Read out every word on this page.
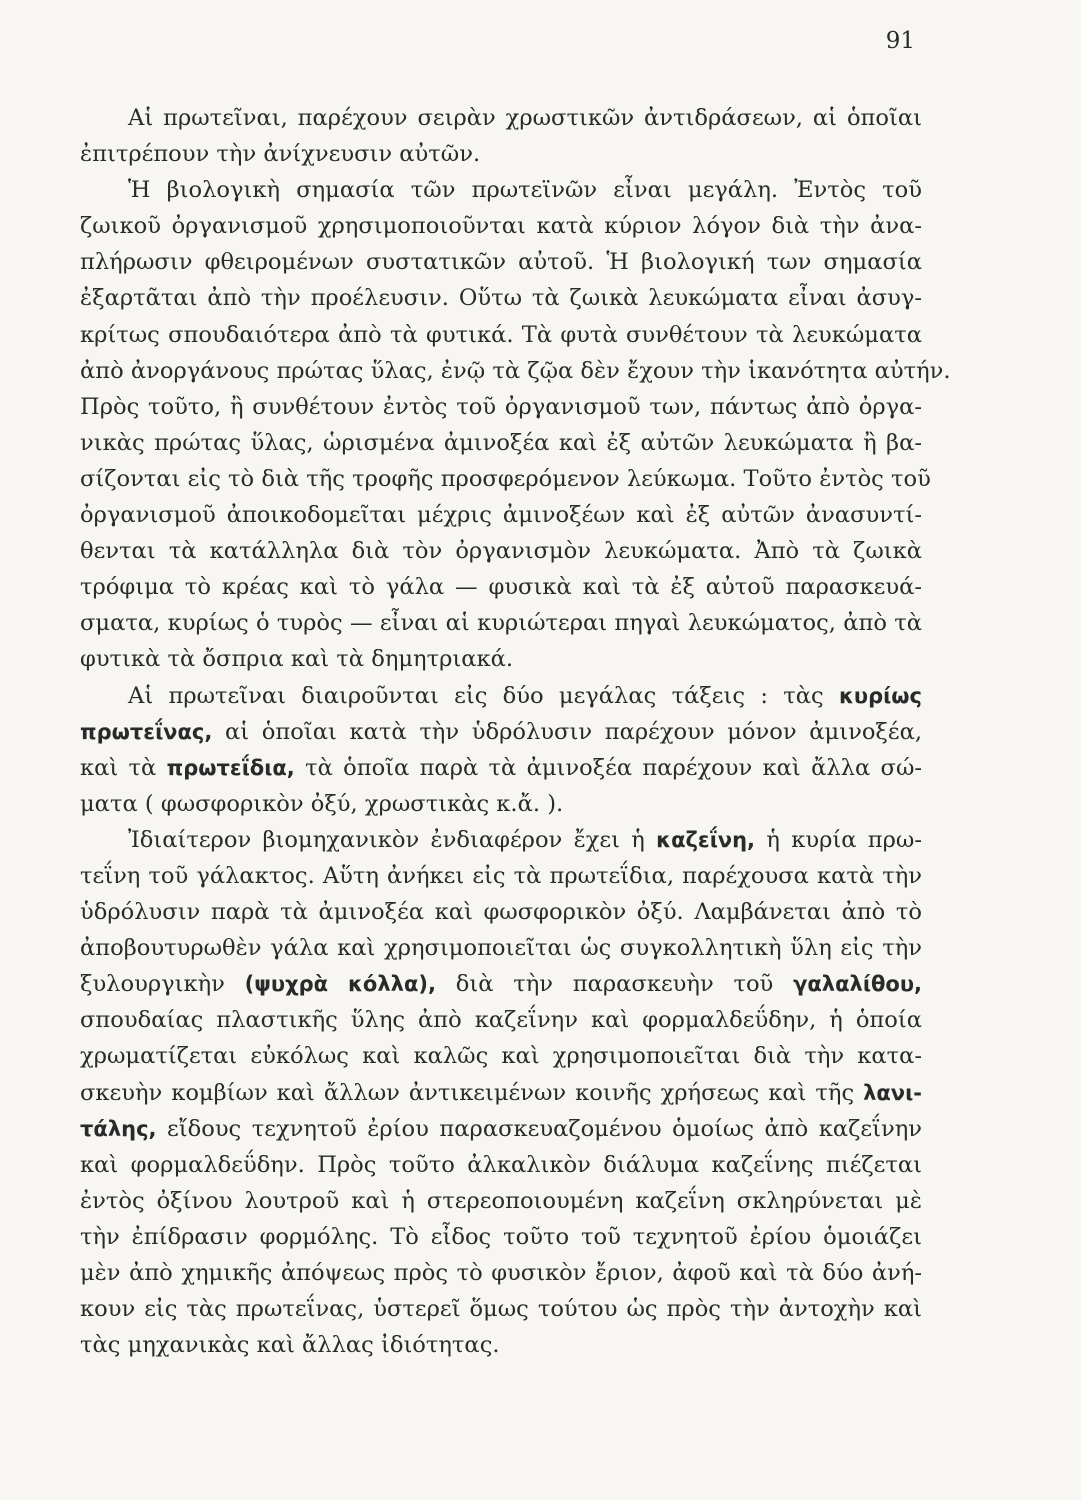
91
Αἱ πρωτεῖναι, παρέχουν σειρὰν χρωστικῶν ἀντιδράσεων, αἱ ὁποῖαι
ἐπιτρέπουν τὴν ἀνίχνευσιν αὐτῶν.
Ἡ βιολογικὴ σημασία τῶν πρωτεϊνῶν εἶναι μεγάλη. Ἐντὸς τοῦ
ζωικοῦ ὀργανισμοῦ χρησιμοποιοῦνται κατὰ κύριον λόγον διὰ τὴν ἀνα-
πλήρωσιν φθειρομένων συστατικῶν αὐτοῦ. Ἡ βιολογική των σημασία
ἐξαρτᾶται ἀπὸ τὴν προέλευσιν. Οὕτω τὰ ζωικὰ λευκώματα εἶναι ἀσυγ-
κρίτως σπουδαιότερα ἀπὸ τὰ φυτικά. Τὰ φυτὰ συνθέτουν τὰ λευκώματα
ἀπὸ ἀνοργάνους πρώτας ὕλας, ἐνῷ τὰ ζῷα δὲν ἔχουν τὴν ἱκανότητα αὐτήν.
Πρὸς τοῦτο, ἢ συνθέτουν ἐντὸς τοῦ ὀργανισμοῦ των, πάντως ἀπὸ ὀργα-
νικὰς πρώτας ὕλας, ὡρισμένα ἀμινοξέα καὶ ἐξ αὐτῶν λευκώματα ἢ βα-
σίζονται εἰς τὸ διὰ τῆς τροφῆς προσφερόμενον λεύκωμα. Τοῦτο ἐντὸς τοῦ
ὀργανισμοῦ ἀποικοδομεῖται μέχρις ἀμινοξέων καὶ ἐξ αὐτῶν ἀνασυντί-
θενται τὰ κατάλληλα διὰ τὸν ὀργανισμὸν λευκώματα. Ἀπὸ τὰ ζωικὰ
τρόφιμα τὸ κρέας καὶ τὸ γάλα — φυσικὰ καὶ τὰ ἐξ αὐτοῦ παρασκευά-
σματα, κυρίως ὁ τυρὸς — εἶναι αἱ κυριώτεραι πηγαὶ λευκώματος, ἀπὸ τὰ
φυτικὰ τὰ ὄσπρια καὶ τὰ δημητριακά.
Αἱ πρωτεῖναι διαιροῦνται εἰς δύο μεγάλας τάξεις : τὰς κυρίως
πρωτεΐνας, αἱ ὁποῖαι κατὰ τὴν ὑδρόλυσιν παρέχουν μόνον ἀμινοξέα,
καὶ τὰ πρωτεΐδια, τὰ ὁποῖα παρὰ τὰ ἀμινοξέα παρέχουν καὶ ἄλλα σώ-
ματα ( φωσφορικὸν ὀξύ, χρωστικὰς κ.ἄ. ).
Ἰδιαίτερον βιομηχανικὸν ἐνδιαφέρον ἔχει ἡ καζεΐνη, ἡ κυρία πρω-
τεΐνη τοῦ γάλακτος. Αὕτη ἀνήκει εἰς τὰ πρωτεΐδια, παρέχουσα κατὰ τὴν
ὑδρόλυσιν παρὰ τὰ ἀμινοξέα καὶ φωσφορικὸν ὀξύ. Λαμβάνεται ἀπὸ τὸ
ἀποβουτυρωθὲν γάλα καὶ χρησιμοποιεῖται ὡς συγκολλητικὴ ὕλη εἰς τὴν
ξυλουργικὴν (ψυχρὰ κόλλα), διὰ τὴν παρασκευὴν τοῦ γαλαλίθου,
σπουδαίας πλαστικῆς ὕλης ἀπὸ καζεΐνην καὶ φορμαλδεΰδην, ἡ ὁποία
χρωματίζεται εὐκόλως καὶ καλῶς καὶ χρησιμοποιεῖται διὰ τὴν κατα-
σκευὴν κομβίων καὶ ἄλλων ἀντικειμένων κοινῆς χρήσεως καὶ τῆς λανι-
τάλης, εἴδους τεχνητοῦ ἐρίου παρασκευαζομένου ὁμοίως ἀπὸ καζεΐνην
καὶ φορμαλδεΰδην. Πρὸς τοῦτο ἀλκαλικὸν διάλυμα καζεΐνης πιέζεται
ἐντὸς ὀξίνου λουτροῦ καὶ ἡ στερεοποιουμένη καζεΐνη σκληρύνεται μὲ
τὴν ἐπίδρασιν φορμόλης. Τὸ εἶδος τοῦτο τοῦ τεχνητοῦ ἐρίου ὁμοιάζει
μὲν ἀπὸ χημικῆς ἀπόψεως πρὸς τὸ φυσικὸν ἔριον, ἀφοῦ καὶ τὰ δύο ἀνή-
κουν εἰς τὰς πρωτεΐνας, ὑστερεῖ ὅμως τούτου ὡς πρὸς τὴν ἀντοχὴν καὶ
τὰς μηχανικὰς καὶ ἄλλας ἰδιότητας.
